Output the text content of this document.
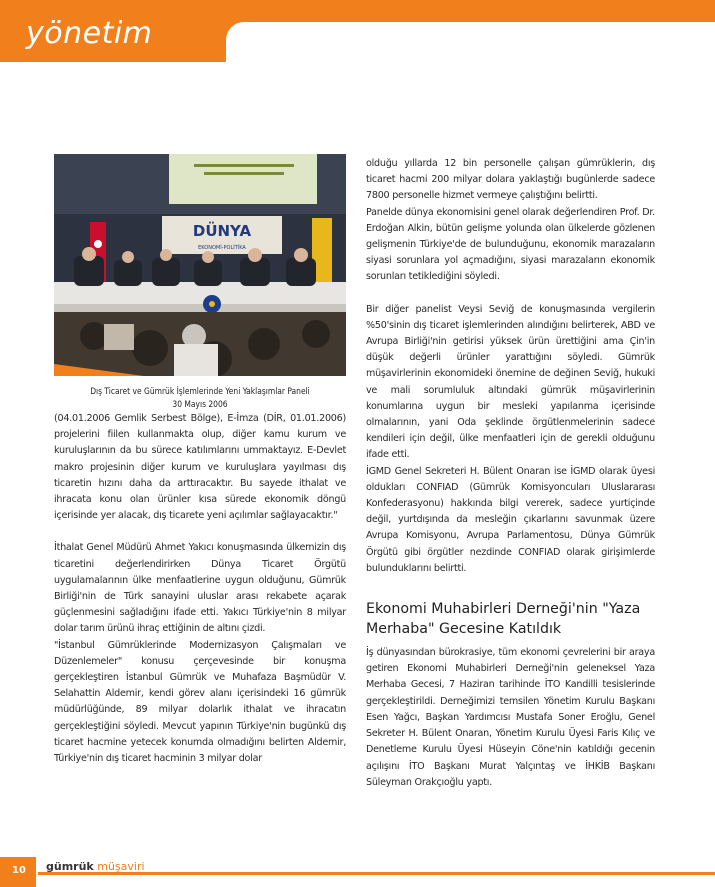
yönetim
DÜNYA
EKONOMİ-POLİTİKA
Dış Ticaret ve Gümrük İşlemlerinde Yeni Yaklaşımlar Paneli
30 Mayıs 2006

(04.01.2006 Gemlik Serbest Bölge), E-İmza (DİR, 01.01.2006) projelerini fiilen kullanmakta olup, diğer kamu kurum ve kuruluşlarının da bu sürece katılımlarını ummaktayız. E-Devlet makro projesinin diğer kurum ve kuruluşlara yayılması dış ticaretin hızını daha da arttıracaktır. Bu sayede ithalat ve ihracata konu olan ürünler kısa sürede ekonomik döngü içerisinde yer alacak, dış ticarete yeni açılımlar sağlayacaktır."

İthalat Genel Müdürü Ahmet Yakıcı konuşmasında ülkemizin dış ticaretini değerlendirirken Dünya Ticaret Örgütü uygulamalarının ülke menfaatlerine uygun olduğunu, Gümrük Birliği'nin de Türk sanayini uluslar arası rekabete açarak güçlenmesini sağladığını ifade etti. Yakıcı Türkiye'nin 8 milyar dolar tarım ürünü ihraç ettiğinin de altını çizdi.

"İstanbul Gümrüklerinde Modernizasyon Çalışmaları ve Düzenlemeler" konusu çerçevesinde bir konuşma gerçekleştiren İstanbul Gümrük ve Muhafaza Başmüdür V. Selahattin Aldemir, kendi görev alanı içerisindeki 16 gümrük müdürlüğünde, 89 milyar dolarlık ithalat ve ihracatın gerçekleştiğini söyledi. Mevcut yapının Türkiye'nin bugünkü dış ticaret hacmine yetecek konumda olmadığını belirten Aldemir, Türkiye'nin dış ticaret hacminin 3 milyar dolar

olduğu yıllarda 12 bin personelle çalışan gümrüklerin, dış ticaret hacmi 200 milyar dolara yaklaştığı bugünlerde sadece 7800 personelle hizmet vermeye çalıştığını belirtti.

Panelde dünya ekonomisini genel olarak değerlendiren Prof. Dr. Erdoğan Alkin, bütün gelişme yolunda olan ülkelerde gözlenen gelişmenin Türkiye'de de bulunduğunu, ekonomik marazaların siyasi sorunlara yol açmadığını, siyasi marazaların ekonomik sorunları tetiklediğini söyledi.

Bir diğer panelist Veysi Seviğ de konuşmasında vergilerin %50'sinin dış ticaret işlemlerinden alındığını belirterek, ABD ve Avrupa Birliği'nin getirisi yüksek ürün ürettiğini ama Çin'in düşük değerli ürünler yarattığını söyledi. Gümrük müşavirlerinin ekonomideki önemine de değinen Seviğ, hukuki ve mali sorumluluk altındaki gümrük müşavirlerinin konumlarına uygun bir mesleki yapılanma içerisinde olmalarının, yani Oda şeklinde örgütlenmelerinin sadece kendileri için değil, ülke menfaatleri için de gerekli olduğunu ifade etti.

İGMD Genel Sekreteri H. Bülent Onaran ise İGMD olarak üyesi oldukları CONFIAD (Gümrük Komisyoncuları Uluslararası Konfederasyonu) hakkında bilgi vererek, sadece yurtiçinde değil, yurtdışında da mesleğin çıkarlarını savunmak üzere Avrupa Komisyonu, Avrupa Parlamentosu, Dünya Gümrük Örgütü gibi örgütler nezdinde CONFIAD olarak girişimlerde bulunduklarını belirtti.

Ekonomi Muhabirleri Derneği'nin "Yaza Merhaba" Gecesine Katıldık

İş dünyasından bürokrasiye, tüm ekonomi çevrelerini bir araya getiren Ekonomi Muhabirleri Derneği'nin geleneksel Yaza Merhaba Gecesi, 7 Haziran tarihinde İTO Kandilli tesislerinde gerçekleştirildi. Derneğimizi temsilen Yönetim Kurulu Başkanı Esen Yağcı, Başkan Yardımcısı Mustafa Soner Eroğlu, Genel Sekreter H. Bülent Onaran, Yönetim Kurulu Üyesi Faris Kılıç ve Denetleme Kurulu Üyesi Hüseyin Cöne'nin katıldığı gecenin açılışını İTO Başkanı Murat Yalçıntaş ve İHKİB Başkanı Süleyman Orakçıoğlu yaptı.

10	gümrük müşaviri
